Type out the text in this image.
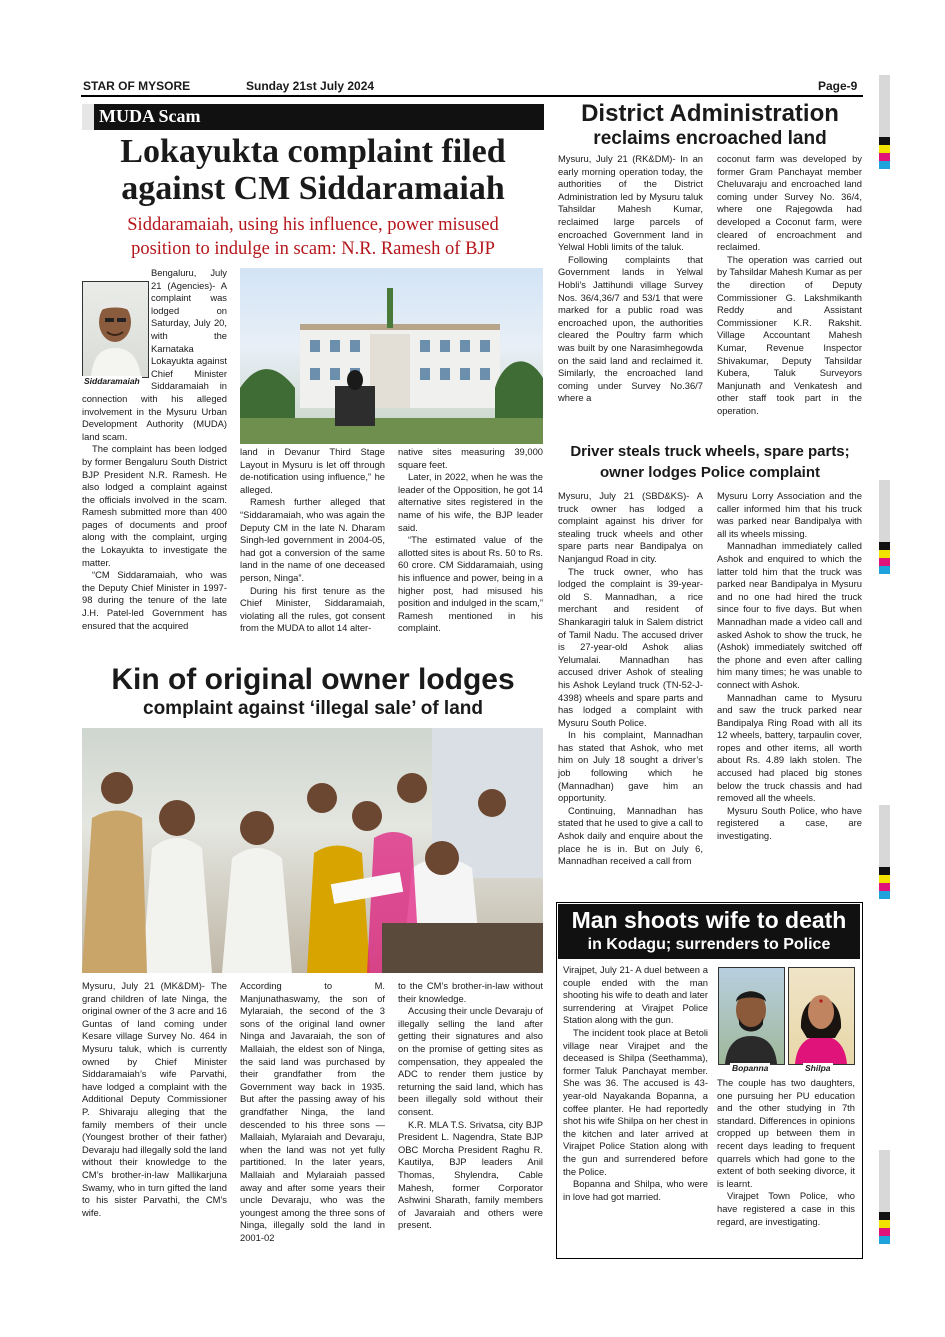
STAR OF MYSORE	Sunday 21st July 2024	Page-9
MUDA Scam
Lokayukta complaint filed
against CM Siddaramaiah
Siddaramaiah, using his influence, power misused
position to indulge in scam: N.R. Ramesh of BJP
Siddaramaiah

Bengaluru, July 21 (Agencies)- A complaint was lodged on Saturday, July 20, with the Karnataka Lokayukta against Chief Minister Siddaramaiah in connection with his alleged involvement in the Mysuru Urban Development Authority (MUDA) land scam.

The complaint has been lodged by former Bengaluru South District BJP President N.R. Ramesh. He also lodged a complaint against the officials involved in the scam. Ramesh submitted more than 400 pages of documents and proof along with the complaint, urging the Lokayukta to investigate the matter.

“CM Siddaramaiah, who was the Deputy Chief Minister in 1997-98 during the tenure of the late J.H. Patel-led Government has ensured that the acquired

land in Devanur Third Stage Layout in Mysuru is let off through de-notification using influence,” he alleged.

Ramesh further alleged that “Siddaramaiah, who was again the Deputy CM in the late N. Dharam Singh-led government in 2004-05, had got a conversion of the same land in the name of one deceased person, Ninga”.

During his first tenure as the Chief Minister, Siddaramaiah, violating all the rules, got consent from the MUDA to allot 14 alter-

native sites measuring 39,000 square feet.

Later, in 2022, when he was the leader of the Opposition, he got 14 alternative sites registered in the name of his wife, the BJP leader said.

“The estimated value of the allotted sites is about Rs. 50 to Rs. 60 crore. CM Siddaramaiah, using his influence and power, being in a higher post, had misused his position and indulged in the scam,” Ramesh mentioned in his complaint.

District Administration
reclaims encroached land

Mysuru, July 21 (RK&DM)- In an early morning operation today, the authorities of the District Administration led by Mysuru taluk Tahsildar Mahesh Kumar, reclaimed large parcels of encroached Government land in Yelwal Hobli limits of the taluk.

Following complaints that Government lands in Yelwal Hobli’s Jattihundi village Survey Nos. 36/4,36/7 and 53/1 that were marked for a public road was encroached upon, the authorities cleared the Poultry farm which was built by one Narasimhegowda on the said land and reclaimed it. Similarly, the encroached land coming under Survey No.36/7 where a

coconut farm was developed by former Gram Panchayat member Cheluvaraju and encroached land coming under Survey No. 36/4, where one Rajegowda had developed a Coconut farm, were cleared of encroachment and reclaimed.

The operation was carried out by Tahsildar Mahesh Kumar as per the direction of Deputy Commissioner G. Lakshmikanth Reddy and Assistant Commissioner K.R. Rakshit. Village Accountant Mahesh Kumar, Revenue Inspector Shivakumar, Deputy Tahsildar Kubera, Taluk Surveyors Manjunath and Venkatesh and other staff took part in the operation.

Driver steals truck wheels, spare parts;
owner lodges Police complaint

Mysuru, July 21 (SBD&KS)- A truck owner has lodged a complaint against his driver for stealing truck wheels and other spare parts near Bandipalya on Nanjangud Road in city.

The truck owner, who has lodged the complaint is 39-year-old S. Mannadhan, a rice merchant and resident of Shankaragiri taluk in Salem district of Tamil Nadu. The accused driver is 27-year-old Ashok alias Yelumalai. Mannadhan has accused driver Ashok of stealing his Ashok Leyland truck (TN-52-J-4398) wheels and spare parts and has lodged a complaint with Mysuru South Police.

In his complaint, Mannadhan has stated that Ashok, who met him on July 18 sought a driver’s job following which he (Mannadhan) gave him an opportunity.

Continuing, Mannadhan has stated that he used to give a call to Ashok daily and enquire about the place he is in. But on July 6, Mannadhan received a call from

Mysuru Lorry Association and the caller informed him that his truck was parked near Bandipalya with all its wheels missing.

Mannadhan immediately called Ashok and enquired to which the latter told him that the truck was parked near Bandipalya in Mysuru and no one had hired the truck since four to five days. But when Mannadhan made a video call and asked Ashok to show the truck, he (Ashok) immediately switched off the phone and even after calling him many times; he was unable to connect with Ashok.

Mannadhan came to Mysuru and saw the truck parked near Bandipalya Ring Road with all its 12 wheels, battery, tarpaulin cover, ropes and other items, all worth about Rs. 4.89 lakh stolen. The accused had placed big stones below the truck chassis and had removed all the wheels.

Mysuru South Police, who have registered a case, are investigating.

Kin of original owner lodges
complaint against ‘illegal sale’ of land

Mysuru, July 21 (MK&DM)- The grand children of late Ninga, the original owner of the 3 acre and 16 Guntas of land coming under Kesare village Survey No. 464 in Mysuru taluk, which is currently owned by Chief Minister Siddaramaiah’s wife Parvathi, have lodged a complaint with the Additional Deputy Commissioner P. Shivaraju alleging that the family members of their uncle (Youngest brother of their father) Devaraju had illegally sold the land without their knowledge to the CM’s brother-in-law Mallikarjuna Swamy, who in turn gifted the land to his sister Parvathi, the CM’s wife.

According to M. Manjunathaswamy, the son of Mylaraiah, the second of the 3 sons of the original land owner Ninga and Javaraiah, the son of Mallaiah, the eldest son of Ninga, the said land was purchased by their grandfather from the Government way back in 1935. But after the passing away of his grandfather Ninga, the land descended to his three sons — Mallaiah, Mylaraiah and Devaraju, when the land was not yet fully partitioned. In the later years, Mallaiah and Mylaraiah passed away and after some years their uncle Devaraju, who was the youngest among the three sons of Ninga, illegally sold the land in 2001-02

to the CM’s brother-in-law without their knowledge.

Accusing their uncle Devaraju of illegally selling the land after getting their signatures and also on the promise of getting sites as compensation, they appealed the ADC to render them justice by returning the said land, which has been illegally sold without their consent.

K.R. MLA T.S. Srivatsa, city BJP President L. Nagendra, State BJP OBC Morcha President Raghu R. Kautilya, BJP leaders Anil Thomas, Shylendra, Cable Mahesh, former Corporator Ashwini Sharath, family members of Javaraiah and others were present.

Man shoots wife to death
in Kodagu; surrenders to Police

Virajpet, July 21- A duel between a couple ended with the man shooting his wife to death and later surrendering at Virajpet Police Station along with the gun.

The incident took place at Betoli village near Virajpet and the deceased is Shilpa (Seethamma), former Taluk Panchayat member. She was 36. The accused is 43-year-old Nayakanda Bopanna, a coffee planter. He had reportedly shot his wife Shilpa on her chest in the kitchen and later arrived at Virajpet Police Station along with the gun and surrendered before the Police.

Bopanna and Shilpa, who were in love had got married.

Bopanna	Shilpa

The couple has two daughters, one pursuing her PU education and the other studying in 7th standard. Differences in opinions cropped up between them in recent days leading to frequent quarrels which had gone to the extent of both seeking divorce, it is learnt.

Virajpet Town Police, who have registered a case in this regard, are investigating.
